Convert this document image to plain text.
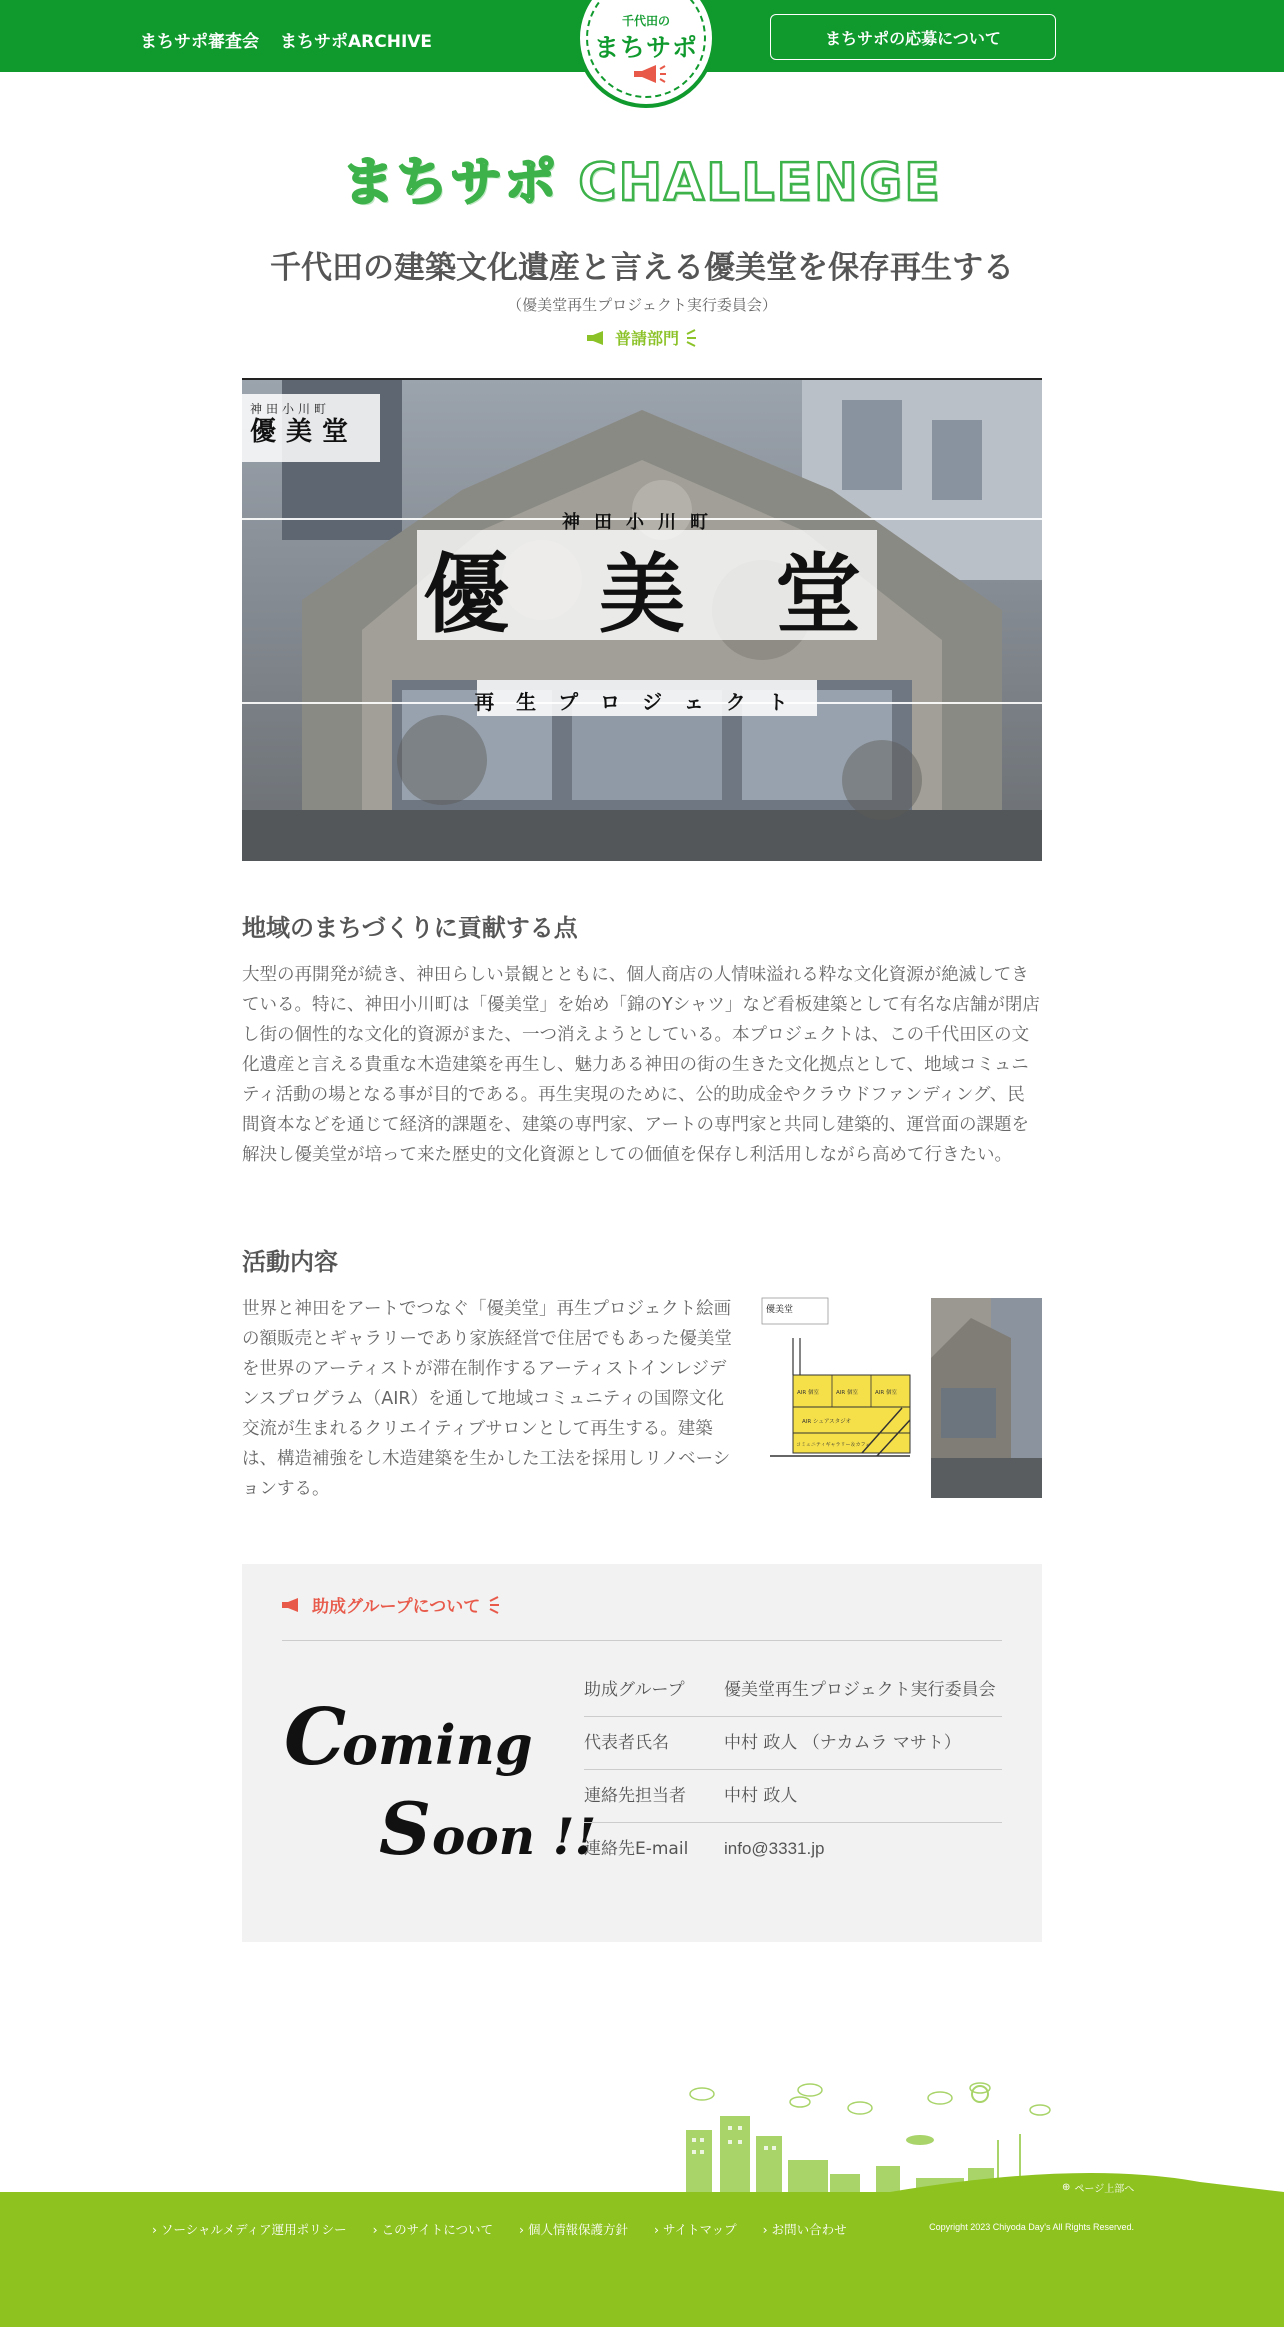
まちサポ審査会 まちサポARCHIVE
千代田の
まちサポ	まちサポの応募について
まちサポ CHALLENGE
千代田の建築文化遺産と言える優美堂を保存再生する
（優美堂再生プロジェクト実行委員会）
普請部門
神田小川町
優美堂
神田小川町
優美堂
再生プロジェクト
地域のまちづくりに貢献する点
大型の再開発が続き、神田らしい景観とともに、個人商店の人情味溢れる粋な文化資源が絶滅してきている。特に、神田小川町は「優美堂」を始め「錦のYシャツ」など看板建築として有名な店舗が閉店し街の個性的な文化的資源がまた、一つ消えようとしている。本プロジェクトは、この千代田区の文化遺産と言える貴重な木造建築を再生し、魅力ある神田の街の生きた文化拠点として、地域コミュニティ活動の場となる事が目的である。再生実現のために、公的助成金やクラウドファンディング、民間資本などを通じて経済的課題を、建築の専門家、アートの専門家と共同し建築的、運営面の課題を解決し優美堂が培って来た歴史的文化資源としての価値を保存し利活用しながら高めて行きたい。
活動内容
世界と神田をアートでつなぐ「優美堂」再生プロジェクト絵画の額販売とギャラリーであり家族経営で住居でもあった優美堂を世界のアーティストが滞在制作するアーティストインレジデンスプログラム（AIR）を通して地域コミュニティの国際文化交流が生まれるクリエイティブサロンとして再生する。建築は、構造補強をし木造建築を生かした工法を採用しリノベーションする。
優美堂
AIR 個室	AIR 個室	AIR 個室
AIR シェアスタジオ
コミュニティギャラリー＆カフェ
助成グループについて
C
oming
S oon !!
助成グループ	優美堂再生プロジェクト実行委員会
代表者氏名	中村 政人 （ナカムラ マサト）
連絡先担当者	中村 政人
連絡先E-mail	info@3331.jp
› ソーシャルメディア運用ポリシー › このサイトについて › 個人情報保護方針 › サイトマップ › お問い合わせ	Copyright 2023 Chiyoda Day's All Rights Reserved.
⊕ ページ上部へ
